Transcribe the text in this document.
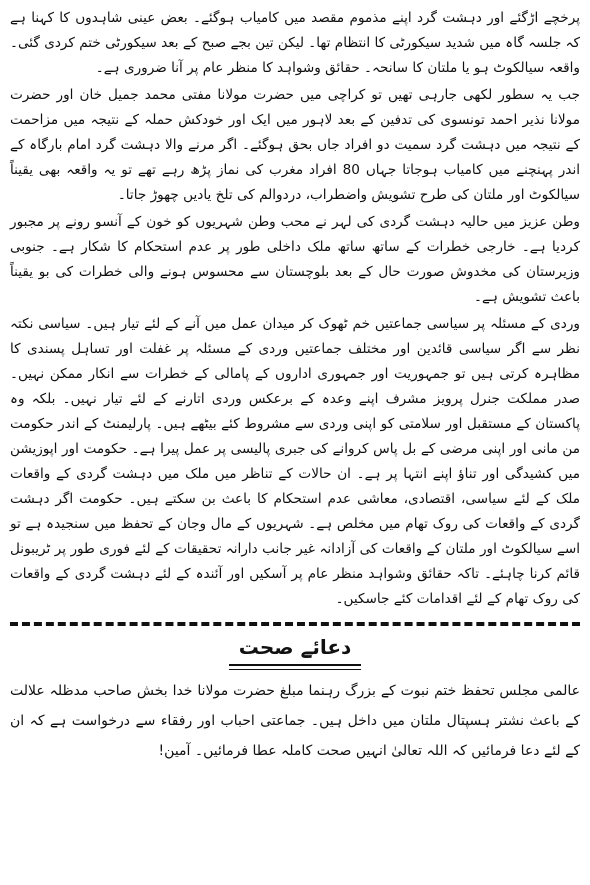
پرخچے اڑگئے اور دہشت گرد اپنے مذموم مقصد میں کامیاب ہوگئے۔ بعض عینی شاہدوں کا کہنا ہے کہ جلسہ گاہ میں شدید سیکورٹی کا انتظام تھا۔ لیکن تین بجے صبح کے بعد سیکورٹی ختم کردی گئی۔ واقعہ سیالکوٹ ہو یا ملتان کا سانحہ۔ حقائق وشواہد کا منظر عام پر آنا ضروری ہے۔

جب یہ سطور لکھی جارہی تھیں تو کراچی میں حضرت مولانا مفتی محمد جمیل خان اور حضرت مولانا نذیر احمد تونسوی کی تدفین کے بعد لاہور میں ایک اور خودکش حملہ کے نتیجہ میں مزاحمت کے نتیجہ میں دہشت گرد سمیت دو افراد جاں بحق ہوگئے۔ اگر مرنے والا دہشت گرد امام بارگاہ کے اندر پہنچنے میں کامیاب ہوجاتا جہاں 80 افراد مغرب کی نماز پڑھ رہے تھے تو یہ واقعہ بھی یقیناً سیالکوٹ اور ملتان کی طرح تشویش واضطراب، دردوالم کی تلخ یادیں چھوڑ جاتا۔

وطن عزیز میں حالیہ دہشت گردی کی لہر نے محب وطن شہریوں کو خون کے آنسو رونے پر مجبور کردیا ہے۔ خارجی خطرات کے ساتھ ساتھ ملک داخلی طور پر عدم استحکام کا شکار ہے۔ جنوبی وزیرستان کی مخدوش صورت حال کے بعد بلوچستان سے محسوس ہونے والی خطرات کی بو یقیناً باعث تشویش ہے۔

وردی کے مسئلہ پر سیاسی جماعتیں خم ٹھوک کر میدان عمل میں آنے کے لئے تیار ہیں۔ سیاسی نکتہ نظر سے اگر سیاسی قائدین اور مختلف جماعتیں وردی کے مسئلہ پر غفلت اور تساہل پسندی کا مظاہرہ کرتی ہیں تو جمہوریت اور جمہوری اداروں کے پامالی کے خطرات سے انکار ممکن نہیں۔ صدر مملکت جنرل پرویز مشرف اپنے وعدہ کے برعکس وردی اتارنے کے لئے تیار نہیں۔ بلکہ وہ پاکستان کے مستقبل اور سلامتی کو اپنی وردی سے مشروط کئے بیٹھے ہیں۔ پارلیمنٹ کے اندر حکومت من مانی اور اپنی مرضی کے بل پاس کروانے کی جبری پالیسی پر عمل پیرا ہے۔ حکومت اور اپوزیشن میں کشیدگی اور تناؤ اپنے انتہا پر ہے۔ ان حالات کے تناظر میں ملک میں دہشت گردی کے واقعات ملک کے لئے سیاسی، اقتصادی، معاشی عدم استحکام کا باعث بن سکتے ہیں۔ حکومت اگر دہشت گردی کے واقعات کی روک تھام میں مخلص ہے۔ شہریوں کے مال وجان کے تحفظ میں سنجیدہ ہے تو اسے سیالکوٹ اور ملتان کے واقعات کی آزادانہ غیر جانب دارانہ تحقیقات کے لئے فوری طور پر ٹریبونل قائم کرنا چاہئے۔ تاکہ حقائق وشواہد منظر عام پر آسکیں اور آئندہ کے لئے دہشت گردی کے واقعات کی روک تھام کے لئے اقدامات کئے جاسکیں۔

دعائے صحت

عالمی مجلس تحفظ ختم نبوت کے بزرگ رہنما مبلغ حضرت مولانا خدا بخش صاحب مدظلہ علالت کے باعث نشتر ہسپتال ملتان میں داخل ہیں۔ جماعتی احباب اور رفقاء سے درخواست ہے کہ ان کے لئے دعا فرمائیں کہ اللہ تعالیٰ انہیں صحت کاملہ عطا فرمائیں۔ آمین!
